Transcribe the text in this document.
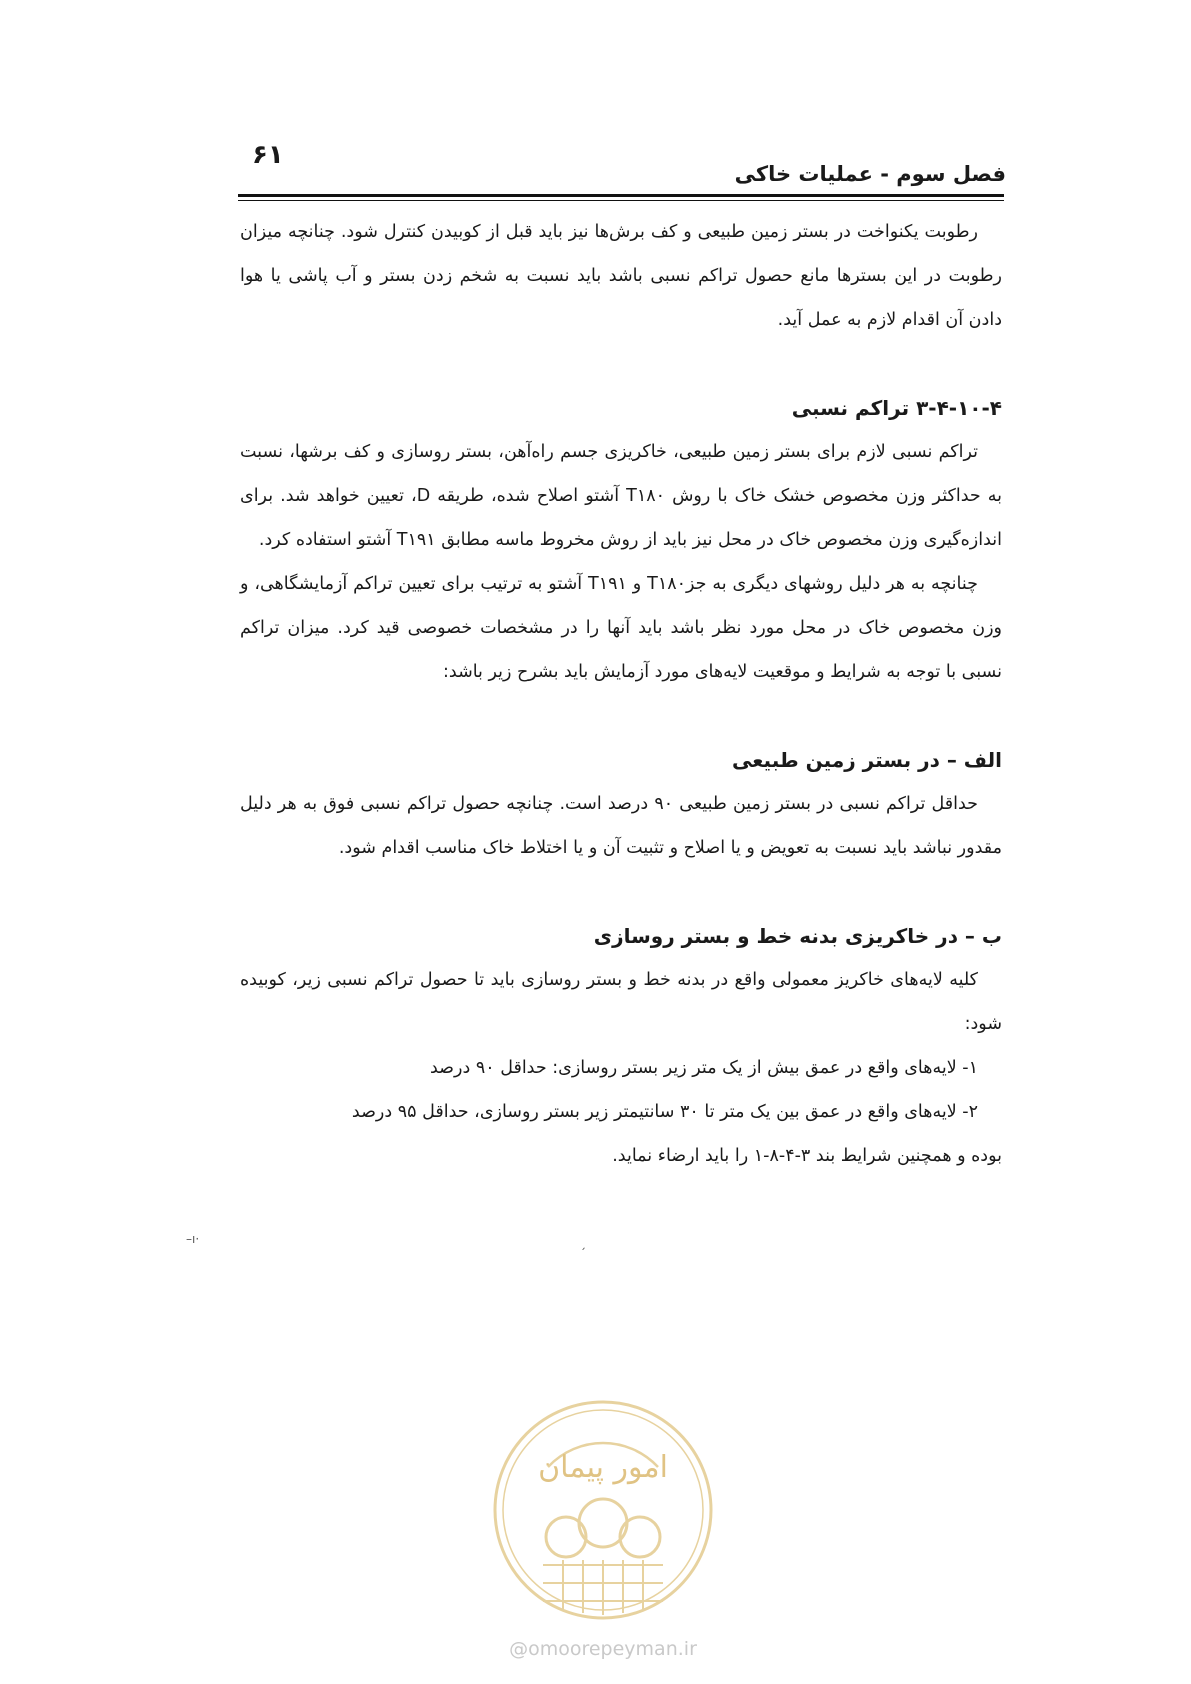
۶۱
فصل سوم - عملیات خاکی

رطوبت یکنواخت در بستر زمین طبیعی و کف برش‌ها نیز باید قبل از کوبیدن کنترل شود. چنانچه میزان رطوبت در این بسترها مانع حصول تراکم نسبی باشد باید نسبت به شخم زدن بستر و آب پاشی یا هوا دادن آن اقدام لازم به عمل آید.

۳-۴-۱۰-۴ تراکم نسبی

تراکم نسبی لازم برای بستر زمین طبیعی، خاکریزی جسم راه‌آهن، بستر روسازی و کف برشها، نسبت به حداکثر وزن مخصوص خشک خاک با روش T۱۸۰ آشتو اصلاح شده، طریقه D، تعیین خواهد شد. برای اندازه‌گیری وزن مخصوص خاک در محل نیز باید از روش مخروط ماسه مطابق T۱۹۱ آشتو استفاده کرد.

چنانچه به هر دلیل روشهای دیگری به جزT۱۸۰ و T۱۹۱ آشتو به ترتیب برای تعیین تراکم آزمایشگاهی، و وزن مخصوص خاک در محل مورد نظر باشد باید آنها را در مشخصات خصوصی قید کرد. میزان تراکم نسبی با توجه به شرایط و موقعیت لایه‌های مورد آزمایش باید بشرح زیر باشد:

الف – در بستر زمین طبیعی

حداقل تراکم نسبی در بستر زمین طبیعی ۹۰ درصد است. چنانچه حصول تراکم نسبی فوق به هر دلیل مقدور نباشد باید نسبت به تعویض و یا اصلاح و تثبیت آن و یا اختلاط خاک مناسب اقدام شود.

ب – در خاکریزی بدنه خط و بستر روسازی

کلیه لایه‌های خاکریز معمولی واقع در بدنه خط و بستر روسازی باید تا حصول تراکم نسبی زیر، کوبیده شود:

۱- لایه‌های واقع در عمق بیش از یک متر زیر بستر روسازی: حداقل ۹۰ درصد

۲- لایه‌های واقع در عمق بین یک متر تا ۳۰ سانتیمتر زیر بستر روسازی، حداقل ۹۵ درصد

بوده و همچنین شرایط بند ۳-۴-۸-۱ را باید ارضاء نماید.

–ı·	ˏ
امور پیمان
@omoorepeyman.ir
